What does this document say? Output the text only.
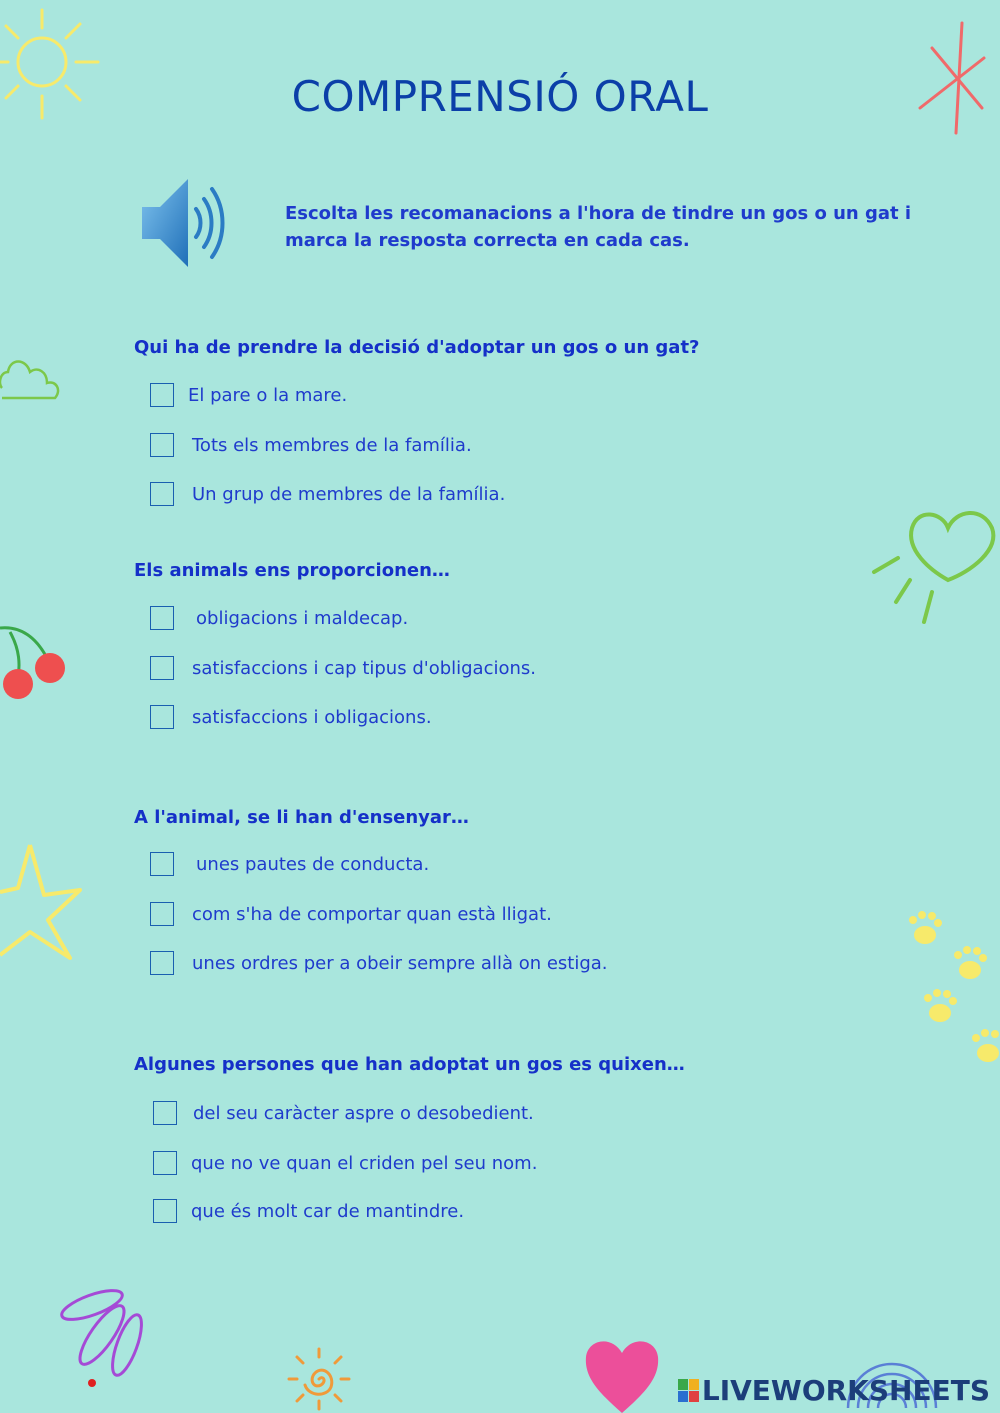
COMPRENSIÓ ORAL
Escolta les recomanacions a l'hora de tindre un gos o un gat i marca la resposta correcta en cada cas.
Qui ha de prendre la decisió d'adoptar un gos o un gat?
El pare o la mare.
Tots els membres de la família.
Un grup de membres de la família.
Els animals ens proporcionen…
obligacions i maldecap.
satisfaccions i cap tipus d'obligacions.
satisfaccions i obligacions.
A l'animal, se li han d'ensenyar…
unes pautes de conducta.
com s'ha de comportar quan està lligat.
unes ordres per a obeir sempre allà on estiga.
Algunes persones que han adoptat un gos es quixen…
del seu caràcter aspre o desobedient.
que no ve quan el criden pel seu nom.
que és molt car de mantindre.
LIVEWORKSHEETS
